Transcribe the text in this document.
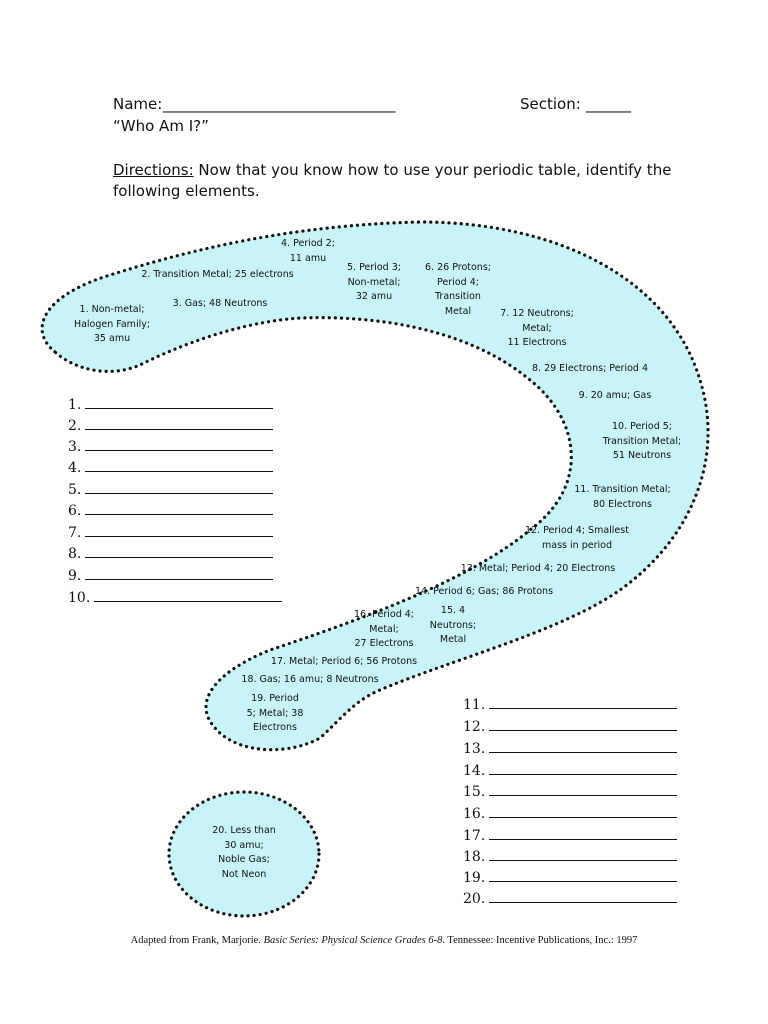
Name: _______________________________	Section: ______
“Who Am I?”
Directions: Now that you know how to use your periodic table, identify the
following elements.
1. Non-metal;
Halogen Family;
35 amu
2. Transition Metal; 25 electrons
3. Gas; 48 Neutrons
4. Period 2;
11 amu
5. Period 3;
Non-metal;
32 amu
6. 26 Protons;
Period 4;
Transition
Metal	7. 12 Neutrons;
Metal;
11 Electrons
8. 29 Electrons; Period 4
9. 20 amu; Gas
10. Period 5;
Transition Metal;
51 Neutrons
11. Transition Metal;
80 Electrons
12. Period 4; Smallest
mass in period
13. Metal; Period 4; 20 Electrons
14. Period 6; Gas; 86 Protons
15. 4
Neutrons;
Metal
16. Period 4;
Metal;
27 Electrons
17. Metal; Period 6; 56 Protons
18. Gas; 16 amu; 8 Neutrons
19. Period
5; Metal; 38
Electrons
20. Less than
30 amu;
Noble Gas;
Not Neon
1.
2.
3.
4.
5.
6.
7.
8.
9.
10.
11.
12.
13.
14.
15.
16.
17.
18.
19.
20.
Adapted from Frank, Marjorie. Basic Series: Physical Science Grades 6-8. Tennessee: Incentive Publications, Inc.: 1997
